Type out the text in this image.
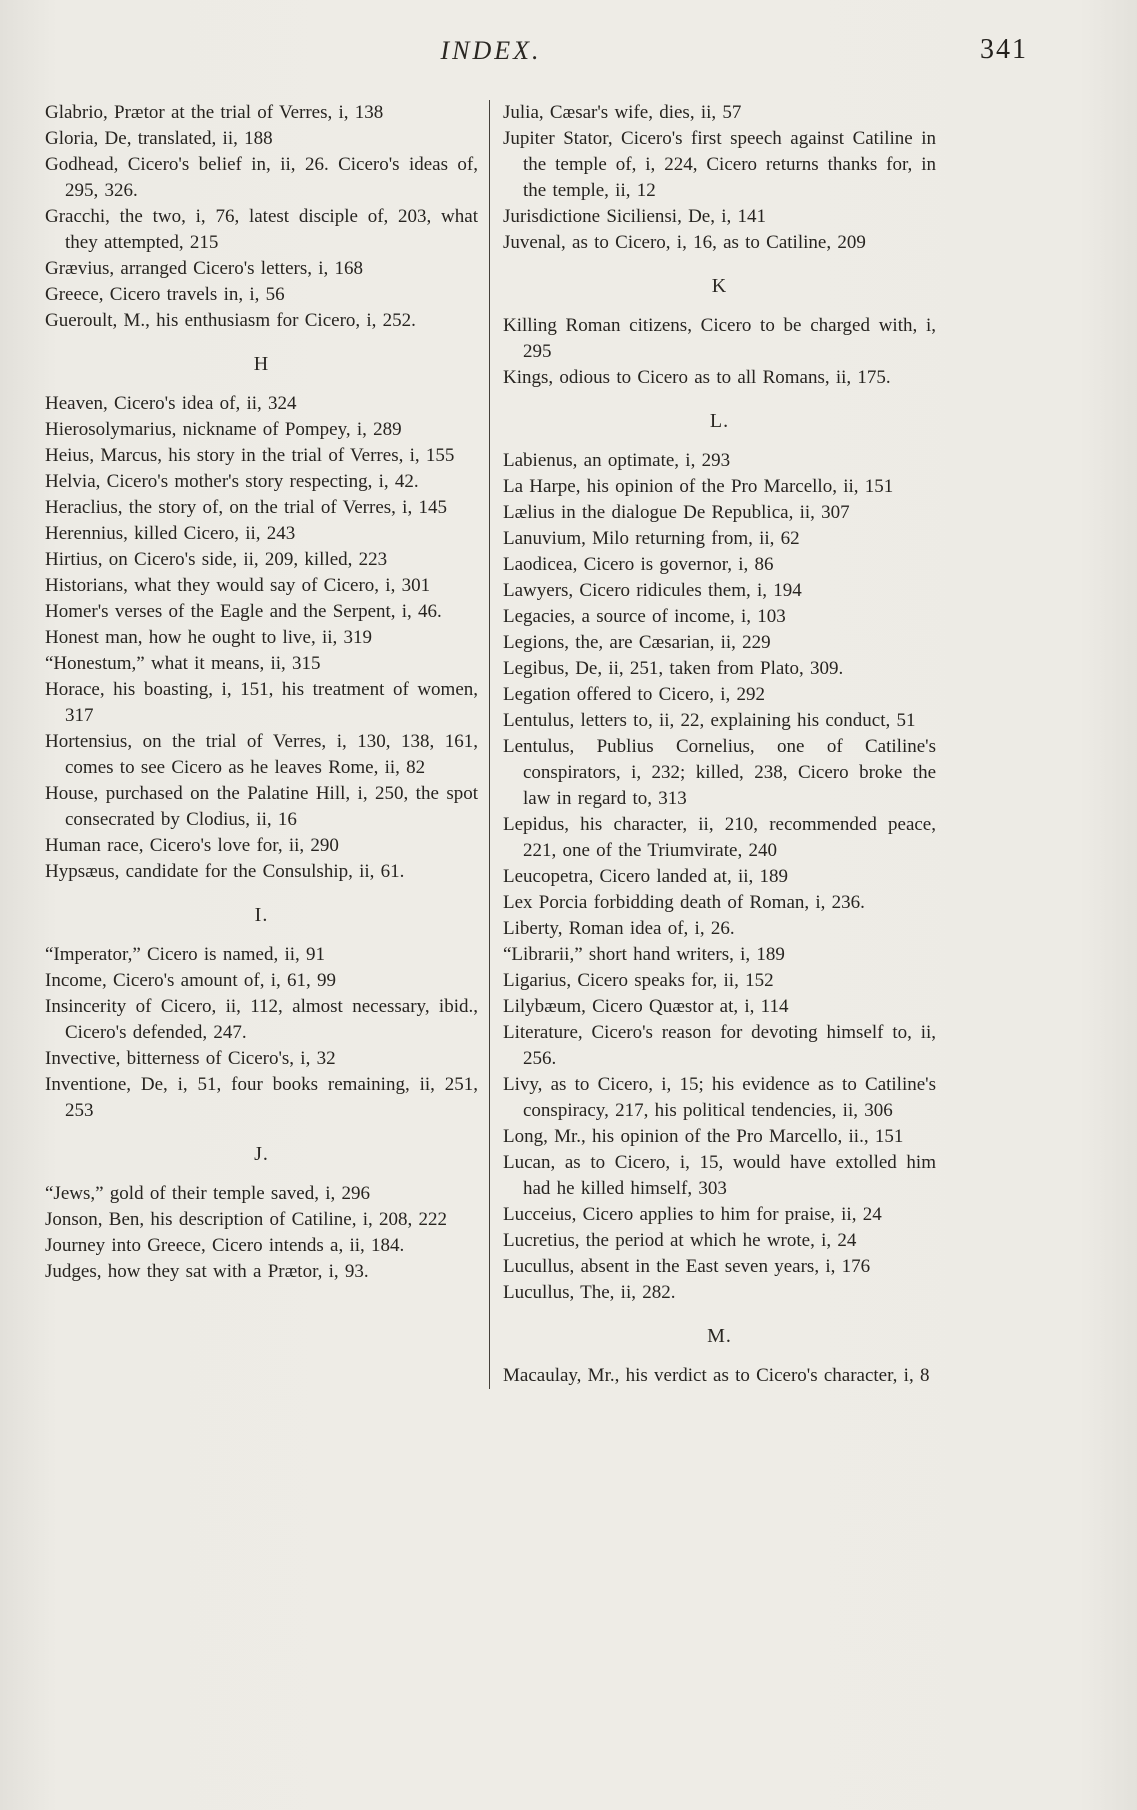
INDEX.	341
Glabrio, Prætor at the trial of Verres, i, 138
Gloria, De, translated, ii, 188
Godhead, Cicero's belief in, ii, 26. Cicero's ideas of, 295, 326.
Gracchi, the two, i, 76, latest disciple of, 203, what they attempted, 215
Grævius, arranged Cicero's letters, i, 168
Greece, Cicero travels in, i, 56
Gueroult, M., his enthusiasm for Cicero, i, 252.
H
Heaven, Cicero's idea of, ii, 324
Hierosolymarius, nickname of Pompey, i, 289
Heius, Marcus, his story in the trial of Verres, i, 155
Helvia, Cicero's mother's story respecting, i, 42.
Heraclius, the story of, on the trial of Verres, i, 145
Herennius, killed Cicero, ii, 243
Hirtius, on Cicero's side, ii, 209, killed, 223
Historians, what they would say of Cicero, i, 301
Homer's verses of the Eagle and the Serpent, i, 46.
Honest man, how he ought to live, ii, 319
“Honestum,” what it means, ii, 315
Horace, his boasting, i, 151, his treatment of women, 317
Hortensius, on the trial of Verres, i, 130, 138, 161, comes to see Cicero as he leaves Rome, ii, 82
House, purchased on the Palatine Hill, i, 250, the spot consecrated by Clodius, ii, 16
Human race, Cicero's love for, ii, 290
Hypsæus, candidate for the Consulship, ii, 61.
I.
“Imperator,” Cicero is named, ii, 91
Income, Cicero's amount of, i, 61, 99
Insincerity of Cicero, ii, 112, almost necessary, ibid., Cicero's defended, 247.
Invective, bitterness of Cicero's, i, 32
Inventione, De, i, 51, four books remaining, ii, 251, 253
J.
“Jews,” gold of their temple saved, i, 296
Jonson, Ben, his description of Catiline, i, 208, 222
Journey into Greece, Cicero intends a, ii, 184.
Judges, how they sat with a Prætor, i, 93.
Julia, Cæsar's wife, dies, ii, 57
Jupiter Stator, Cicero's first speech against Catiline in the temple of, i, 224, Cicero returns thanks for, in the temple, ii, 12
Jurisdictione Siciliensi, De, i, 141
Juvenal, as to Cicero, i, 16, as to Catiline, 209
K
Killing Roman citizens, Cicero to be charged with, i, 295
Kings, odious to Cicero as to all Romans, ii, 175.
L.
Labienus, an optimate, i, 293
La Harpe, his opinion of the Pro Marcello, ii, 151
Lælius in the dialogue De Republica, ii, 307
Lanuvium, Milo returning from, ii, 62
Laodicea, Cicero is governor, i, 86
Lawyers, Cicero ridicules them, i, 194
Legacies, a source of income, i, 103
Legions, the, are Cæsarian, ii, 229
Legibus, De, ii, 251, taken from Plato, 309.
Legation offered to Cicero, i, 292
Lentulus, letters to, ii, 22, explaining his conduct, 51
Lentulus, Publius Cornelius, one of Catiline's conspirators, i, 232; killed, 238, Cicero broke the law in regard to, 313
Lepidus, his character, ii, 210, recommended peace, 221, one of the Triumvirate, 240
Leucopetra, Cicero landed at, ii, 189
Lex Porcia forbidding death of Roman, i, 236.
Liberty, Roman idea of, i, 26.
“Librarii,” short hand writers, i, 189
Ligarius, Cicero speaks for, ii, 152
Lilybæum, Cicero Quæstor at, i, 114
Literature, Cicero's reason for devoting himself to, ii, 256.
Livy, as to Cicero, i, 15; his evidence as to Catiline's conspiracy, 217, his political tendencies, ii, 306
Long, Mr., his opinion of the Pro Marcello, ii., 151
Lucan, as to Cicero, i, 15, would have extolled him had he killed himself, 303
Lucceius, Cicero applies to him for praise, ii, 24
Lucretius, the period at which he wrote, i, 24
Lucullus, absent in the East seven years, i, 176
Lucullus, The, ii, 282.
M.
Macaulay, Mr., his verdict as to Cicero's character, i, 8
